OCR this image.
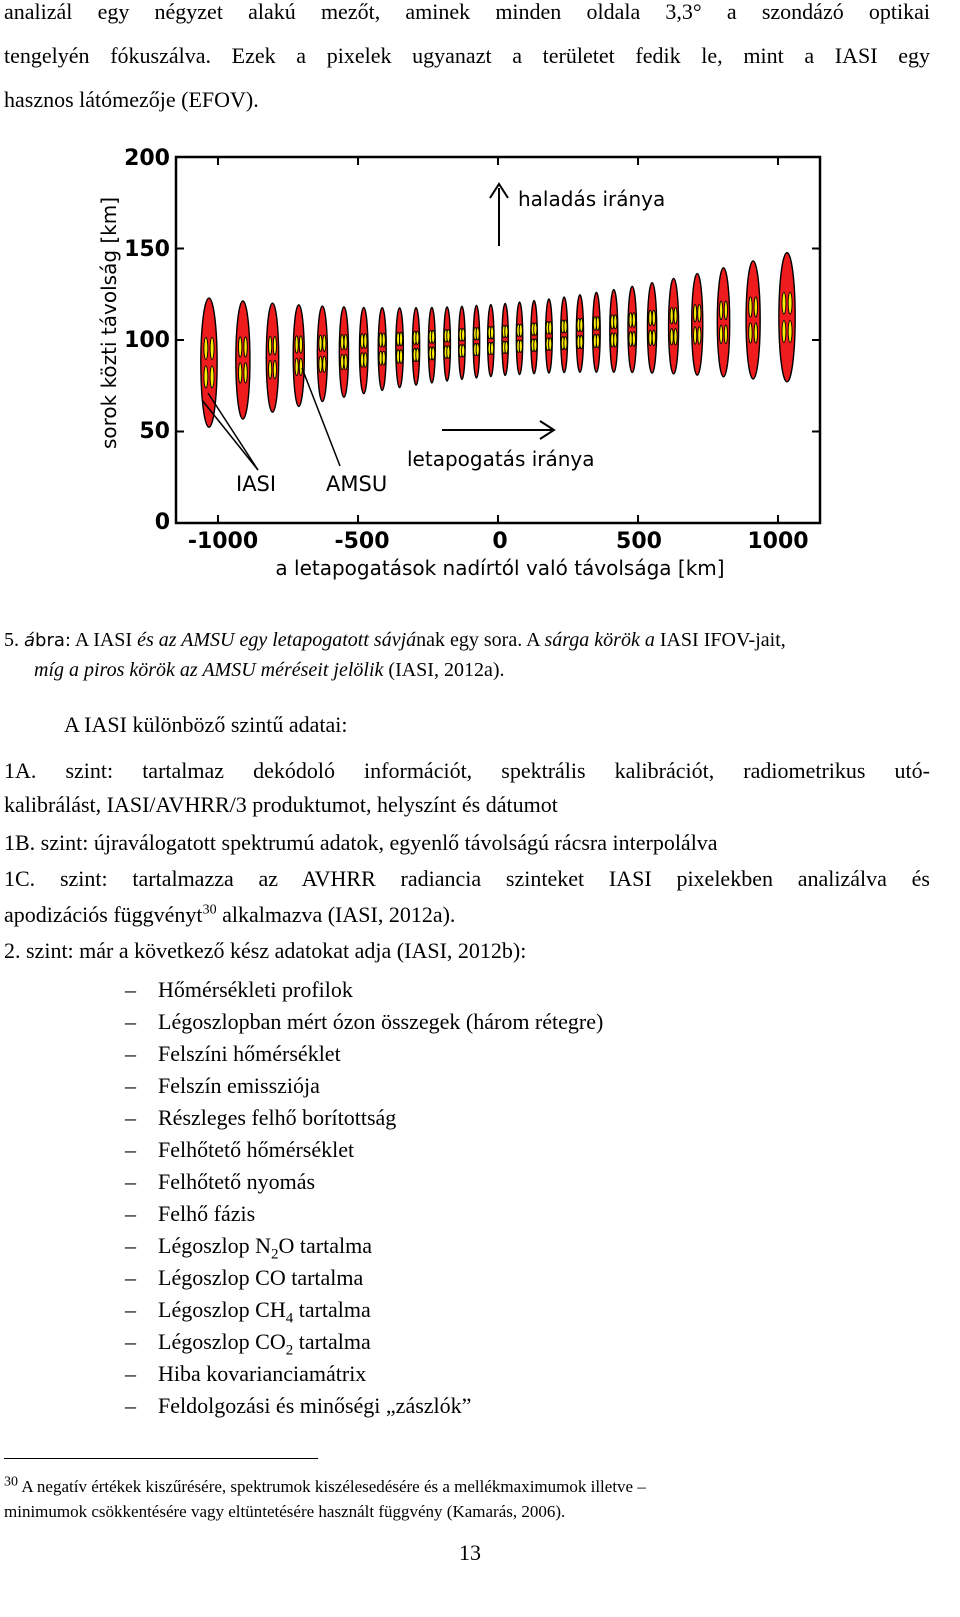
analizál egy négyzet alakú mezőt, aminek minden oldala 3,3° a szondázó optikai
tengelyén fókuszálva. Ezek a pixelek ugyanazt a területet fedik le, mint a IASI egy
hasznos látómezője (EFOV).
200
150
100
50
0
-1000	-500	0	500	1000
a letapogatások nadírtól való távolsága [km]
sorok közti távolság [km]	haladás iránya
letapogatás iránya
IASI AMSU
5. ábra: A IASI és az AMSU egy letapogatott sávjának egy sora. A sárga körök a IASI IFOV-jait,
míg a piros körök az AMSU méréseit jelölik (IASI, 2012a).
A IASI különböző szintű adatai:
1A. szint: tartalmaz dekódoló információt, spektrális kalibrációt, radiometrikus utó-
kalibrálást, IASI/AVHRR/3 produktumot, helyszínt és dátumot
1B. szint: újraválogatott spektrumú adatok, egyenlő távolságú rácsra interpolálva
1C. szint: tartalmazza az AVHRR radiancia szinteket IASI pixelekben analizálva és
apodizációs függvényt$^{30}$ alkalmazva (IASI, 2012a).
2. szint: már a következő kész adatokat adja (IASI, 2012b):
–	Hőmérsékleti profilok
–	Légoszlopban mért ózon összegek (három rétegre)
–	Felszíni hőmérséklet
–	Felszín emissziója
–	Részleges felhő borítottság
–	Felhőtető hőmérséklet
–	Felhőtető nyomás
–	Felhő fázis
–	Légoszlop $N_2O$ tartalma
–	Légoszlop CO tartalma
–	Légoszlop $CH_4$ tartalma
–	Légoszlop $CO_2$ tartalma
–	Hiba kovarianciamátrix
–	Feldolgozási és minőségi „zászlók”
$^{30}$ A negatív értékek kiszűrésére, spektrumok kiszélesedésére és a mellékmaximumok illetve –
minimumok csökkentésére vagy eltüntetésére használt függvény (Kamarás, 2006).
13
